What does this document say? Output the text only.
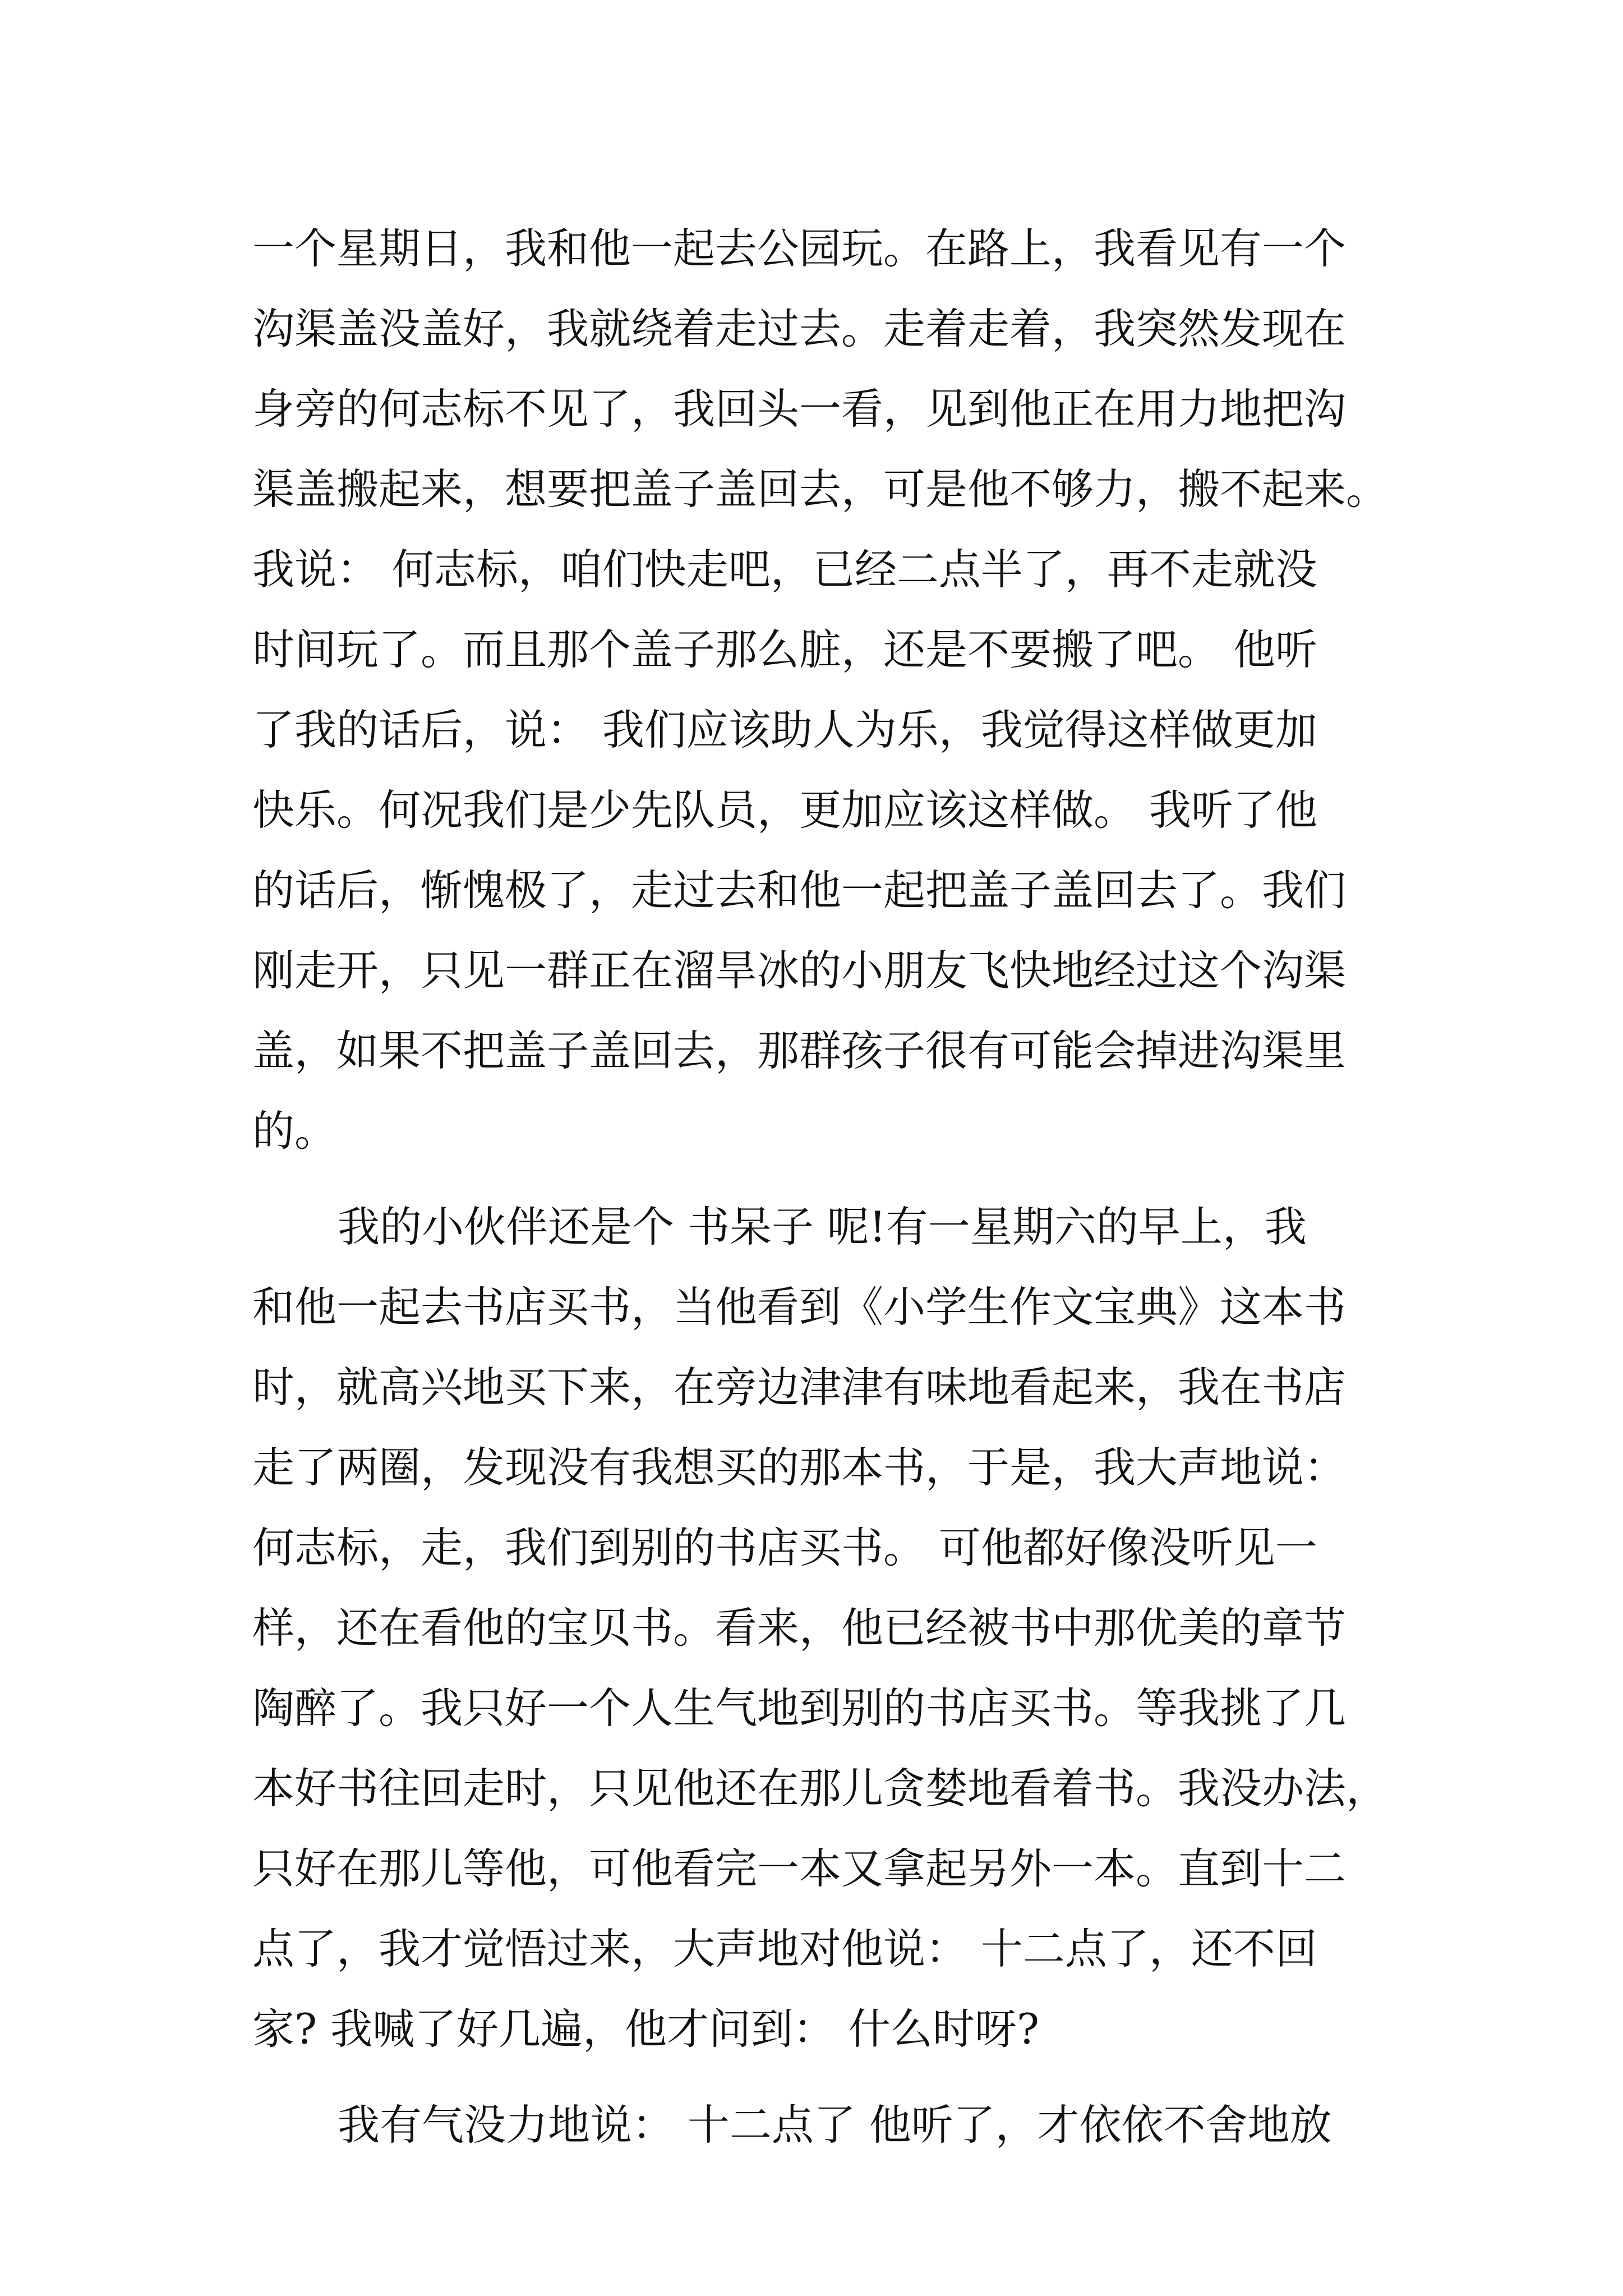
一个星期日，我和他一起去公园玩。在路上，我看见有一个
沟渠盖没盖好，我就绕着走过去。走着走着，我突然发现在
身旁的何志标不见了，我回头一看，见到他正在用力地把沟
渠盖搬起来，想要把盖子盖回去，可是他不够力，搬不起来。
我说： 何志标，咱们快走吧，已经二点半了，再不走就没
时间玩了。而且那个盖子那么脏，还是不要搬了吧。 他听
了我的话后，说： 我们应该助人为乐，我觉得这样做更加
快乐。何况我们是少先队员，更加应该这样做。 我听了他
的话后，惭愧极了，走过去和他一起把盖子盖回去了。我们
刚走开，只见一群正在溜旱冰的小朋友飞快地经过这个沟渠
盖，如果不把盖子盖回去，那群孩子很有可能会掉进沟渠里
的。
我的小伙伴还是个 书呆子 呢!有一星期六的早上，我
和他一起去书店买书，当他看到《小学生作文宝典》这本书
时，就高兴地买下来，在旁边津津有味地看起来，我在书店
走了两圈，发现没有我想买的那本书，于是，我大声地说：
何志标，走，我们到别的书店买书。 可他都好像没听见一
样，还在看他的宝贝书。看来，他已经被书中那优美的章节
陶醉了。我只好一个人生气地到别的书店买书。等我挑了几
本好书往回走时，只见他还在那儿贪婪地看着书。我没办法，
只好在那儿等他，可他看完一本又拿起另外一本。直到十二
点了，我才觉悟过来，大声地对他说： 十二点了，还不回
家? 我喊了好几遍，他才问到： 什么时呀?
我有气没力地说： 十二点了 他听了，才依依不舍地放
